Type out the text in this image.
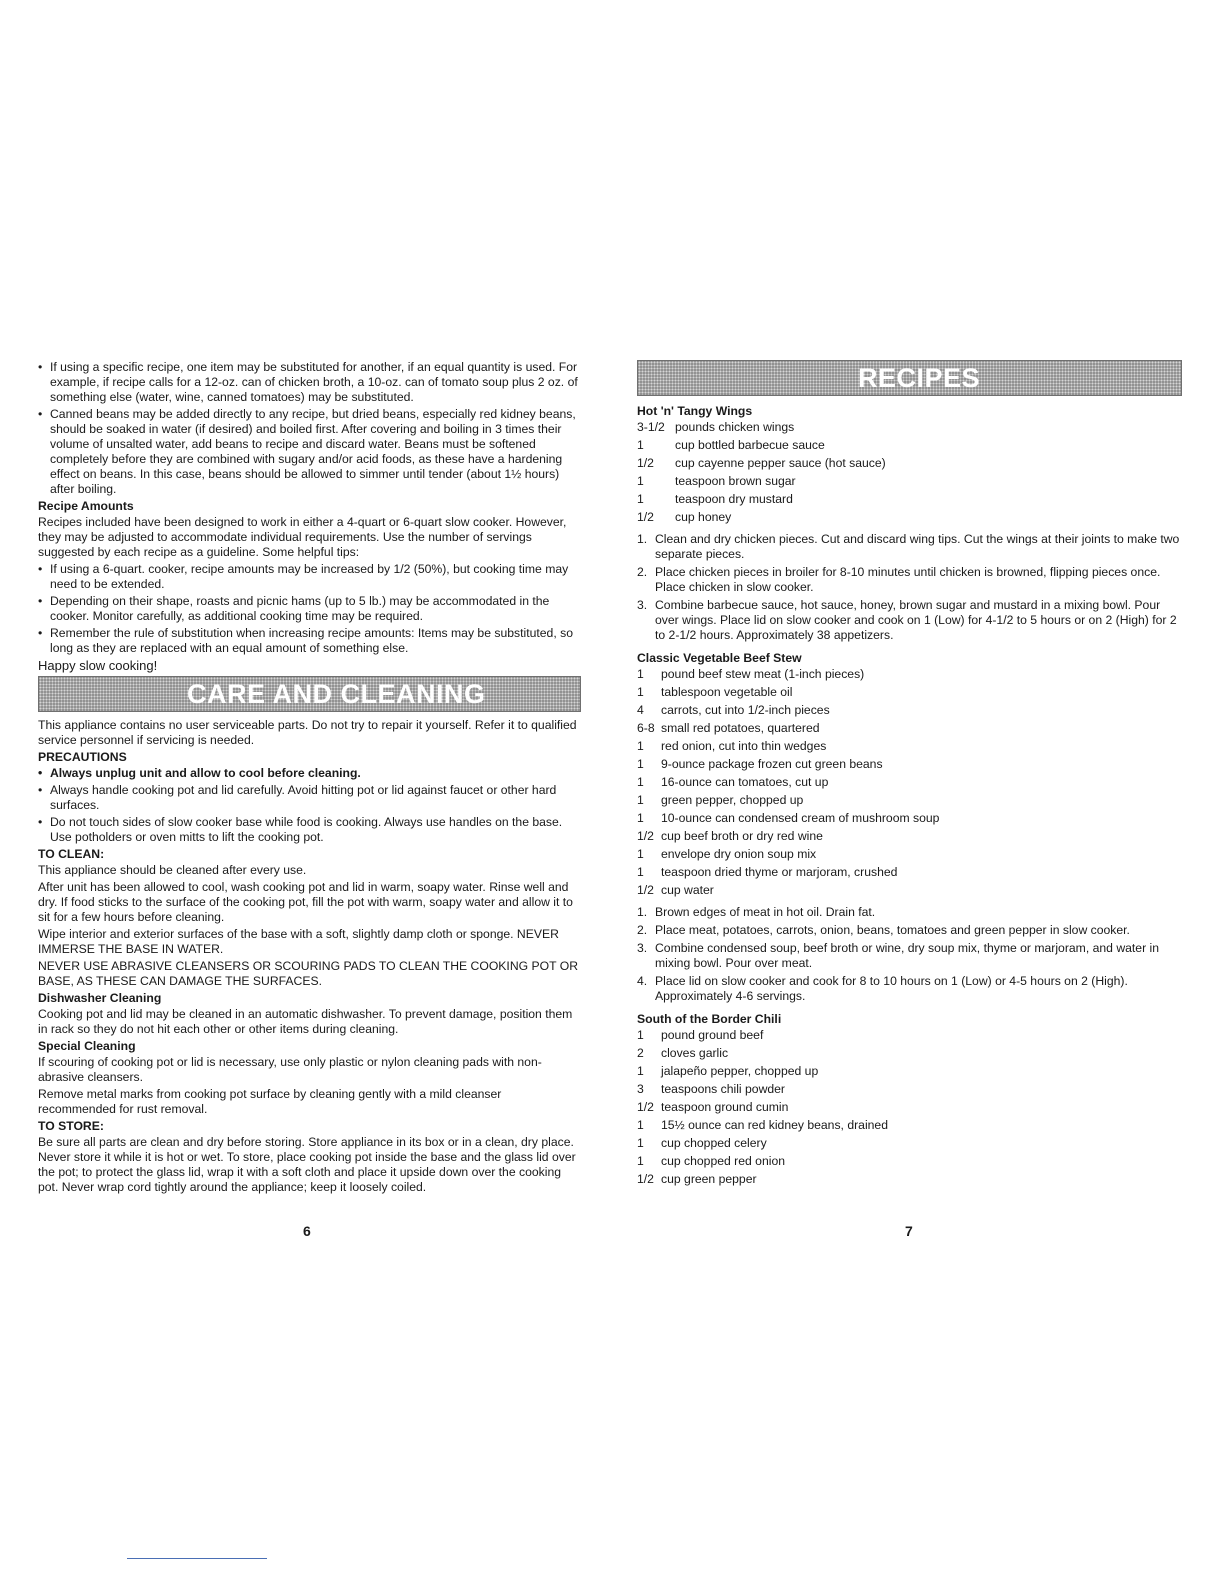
• If using a specific recipe, one item may be substituted for another, if an equal quantity is used. For example, if recipe calls for a 12-oz. can of chicken broth, a 10-oz. can of tomato soup plus 2 oz. of something else (water, wine, canned tomatoes) may be substituted.
• Canned beans may be added directly to any recipe, but dried beans, especially red kidney beans, should be soaked in water (if desired) and boiled first. After covering and boiling in 3 times their volume of unsalted water, add beans to recipe and discard water. Beans must be softened completely before they are combined with sugary and/or acid foods, as these have a hardening effect on beans. In this case, beans should be allowed to simmer until tender (about 1½ hours) after boiling.
Recipe Amounts

Recipes included have been designed to work in either a 4-quart or 6-quart slow cooker. However, they may be adjusted to accommodate individual requirements. Use the number of servings suggested by each recipe as a guideline. Some helpful tips:

• If using a 6-quart. cooker, recipe amounts may be increased by 1/2 (50%), but cooking time may need to be extended.
• Depending on their shape, roasts and picnic hams (up to 5 lb.) may be accommodated in the cooker. Monitor carefully, as additional cooking time may be required.
• Remember the rule of substitution when increasing recipe amounts: Items may be substituted, so long as they are replaced with an equal amount of something else.

Happy slow cooking!

CARE AND CLEANING

This appliance contains no user serviceable parts. Do not try to repair it yourself. Refer it to qualified service personnel if servicing is needed.

PRECAUTIONS
• Always unplug unit and allow to cool before cleaning.
• Always handle cooking pot and lid carefully. Avoid hitting pot or lid against faucet or other hard surfaces.
• Do not touch sides of slow cooker base while food is cooking. Always use handles on the base. Use potholders or oven mitts to lift the cooking pot.
TO CLEAN:

This appliance should be cleaned after every use.

After unit has been allowed to cool, wash cooking pot and lid in warm, soapy water. Rinse well and dry. If food sticks to the surface of the cooking pot, fill the pot with warm, soapy water and allow it to sit for a few hours before cleaning.

Wipe interior and exterior surfaces of the base with a soft, slightly damp cloth or sponge. NEVER IMMERSE THE BASE IN WATER.

NEVER USE ABRASIVE CLEANSERS OR SCOURING PADS TO CLEAN THE COOKING POT OR BASE, AS THESE CAN DAMAGE THE SURFACES.

Dishwasher Cleaning

Cooking pot and lid may be cleaned in an automatic dishwasher. To prevent damage, position them in rack so they do not hit each other or other items during cleaning.

Special Cleaning

If scouring of cooking pot or lid is necessary, use only plastic or nylon cleaning pads with non-abrasive cleansers.

Remove metal marks from cooking pot surface by cleaning gently with a mild cleanser recommended for rust removal.

TO STORE:

Be sure all parts are clean and dry before storing. Store appliance in its box or in a clean, dry place. Never store it while it is hot or wet. To store, place cooking pot inside the base and the glass lid over the pot; to protect the glass lid, wrap it with a soft cloth and place it upside down over the cooking pot. Never wrap cord tightly around the appliance; keep it loosely coiled.

RECIPES
Hot 'n' Tangy Wings
3-1/2 pounds chicken wings
1	cup bottled barbecue sauce
1/2	cup cayenne pepper sauce (hot sauce)
1	teaspoon brown sugar
1	teaspoon dry mustard
1/2	cup honey
1. Clean and dry chicken pieces. Cut and discard wing tips. Cut the wings at their joints to make two separate pieces.
2. Place chicken pieces in broiler for 8-10 minutes until chicken is browned, flipping pieces once. Place chicken in slow cooker.
3. Combine barbecue sauce, hot sauce, honey, brown sugar and mustard in a mixing bowl. Pour over wings. Place lid on slow cooker and cook on 1 (Low) for 4-1/2 to 5 hours or on 2 (High) for 2 to 2-1/2 hours. Approximately 38 appetizers.
Classic Vegetable Beef Stew
1	pound beef stew meat (1-inch pieces)
1	tablespoon vegetable oil
4	carrots, cut into 1/2-inch pieces
6-8 small red potatoes, quartered
1	red onion, cut into thin wedges
1	9-ounce package frozen cut green beans
1	16-ounce can tomatoes, cut up
1	green pepper, chopped up
1	10-ounce can condensed cream of mushroom soup
1/2 cup beef broth or dry red wine
1	envelope dry onion soup mix
1	teaspoon dried thyme or marjoram, crushed
1/2 cup water
1. Brown edges of meat in hot oil. Drain fat.
2. Place meat, potatoes, carrots, onion, beans, tomatoes and green pepper in slow cooker.
3. Combine condensed soup, beef broth or wine, dry soup mix, thyme or marjoram, and water in mixing bowl. Pour over meat.
4. Place lid on slow cooker and cook for 8 to 10 hours on 1 (Low) or 4-5 hours on 2 (High). Approximately 4-6 servings.
South of the Border Chili
1	pound ground beef
2	cloves garlic
1	jalapeño pepper, chopped up
3	teaspoons chili powder
1/2 teaspoon ground cumin
1	15½ ounce can red kidney beans, drained
1	cup chopped celery
1	cup chopped red onion
1/2 cup green pepper
6	7
